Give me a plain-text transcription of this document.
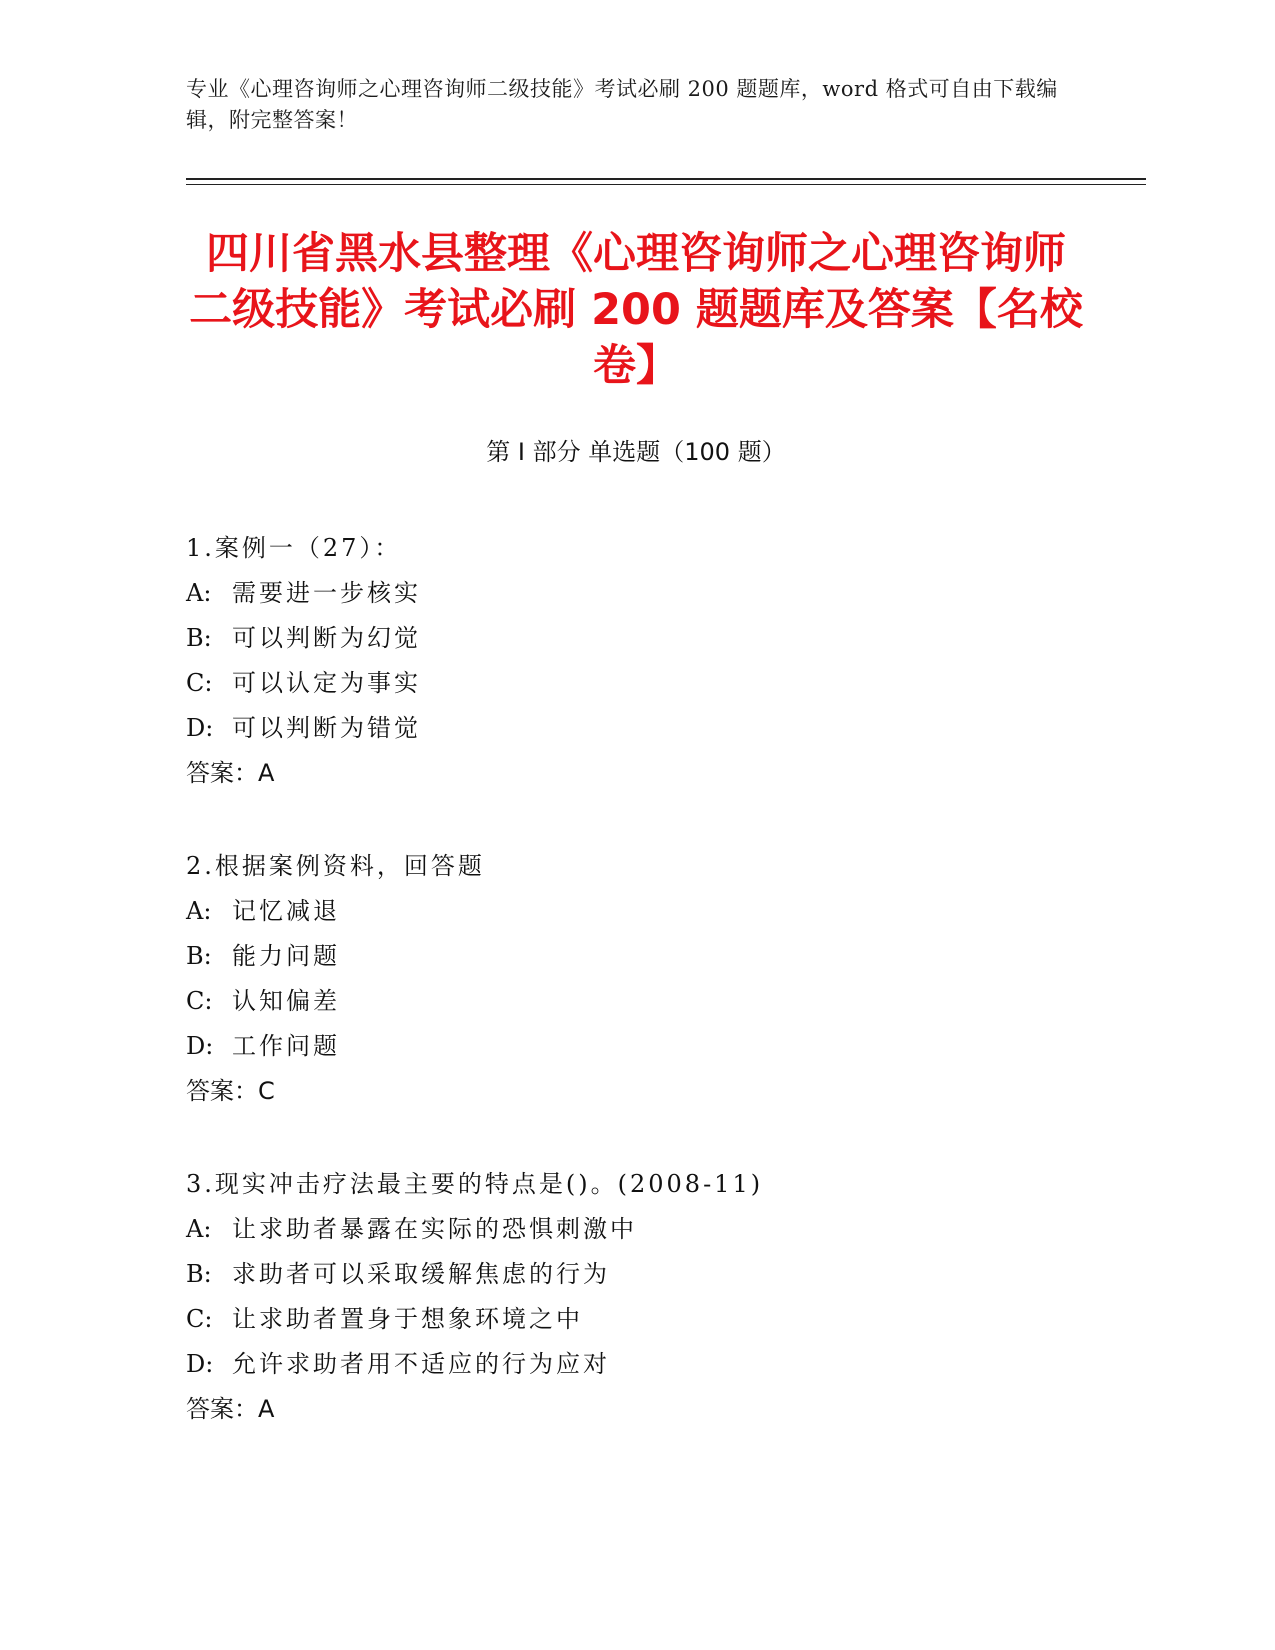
专业《心理咨询师之心理咨询师二级技能》考试必刷 200 题题库，word 格式可自由下载编辑，附完整答案！
四川省黑水县整理《心理咨询师之心理咨询师二级技能》考试必刷 200 题题库及答案【名校卷】
第 I 部分 单选题（100 题）
1.案例一（27）：
A: 需要进一步核实
B: 可以判断为幻觉
C: 可以认定为事实
D: 可以判断为错觉
答案：A
2.根据案例资料，回答题
A: 记忆减退
B: 能力问题
C: 认知偏差
D: 工作问题
答案：C
3.现实冲击疗法最主要的特点是()。(2008-11)
A: 让求助者暴露在实际的恐惧刺激中
B: 求助者可以采取缓解焦虑的行为
C: 让求助者置身于想象环境之中
D: 允许求助者用不适应的行为应对
答案：A
